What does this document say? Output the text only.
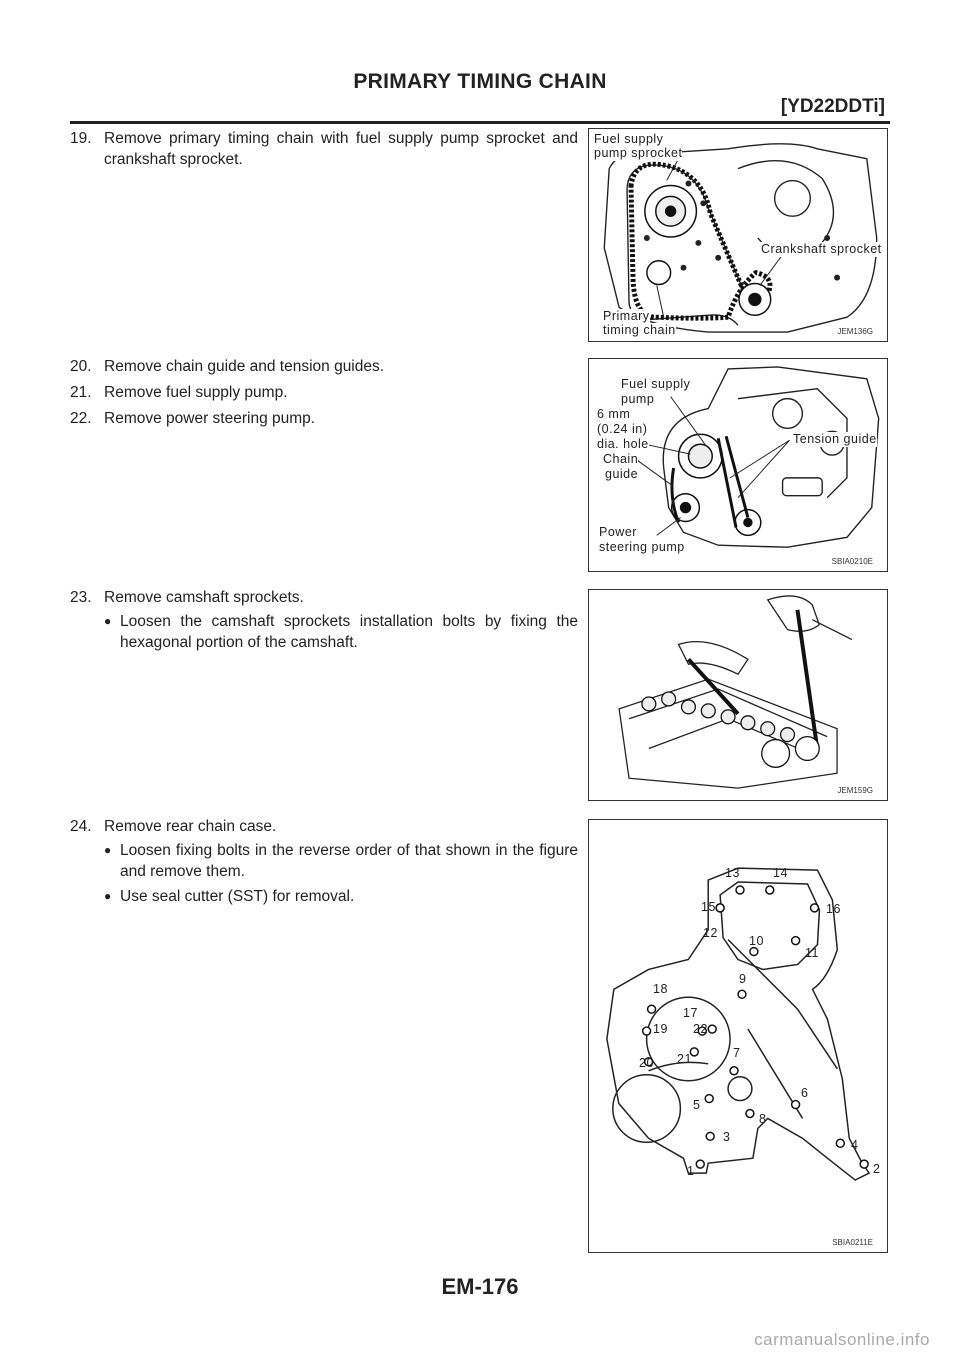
PRIMARY TIMING CHAIN
[YD22DDTi]
19. Remove primary timing chain with fuel supply pump sprocket and crankshaft sprocket.
Fuel supply
pump sprocket
Crankshaft sprocket
Primary
timing chain	JEM136G
20. Remove chain guide and tension guides.
21. Remove fuel supply pump.
22. Remove power steering pump.
Fuel supply
pump
6 mm
(0.24 in)
dia. hole
Chain
guide
Tension guide
Power
steering pump
SBIA0210E
23. Remove camshaft sprockets.
● Loosen the camshaft sprockets installation bolts by fixing the hexagonal portion of the camshaft.
JEM159G
24. Remove rear chain case.
● Loosen fixing bolts in the reverse order of that shown in the figure and remove them.
● Use seal cutter (SST) for removal.
1	2
3
4
5
6
7
8
9
10
11
12
13	14
15	16
17
18
19
20 21
22
SBIA0211E
EM-176
carmanualsonline.info
